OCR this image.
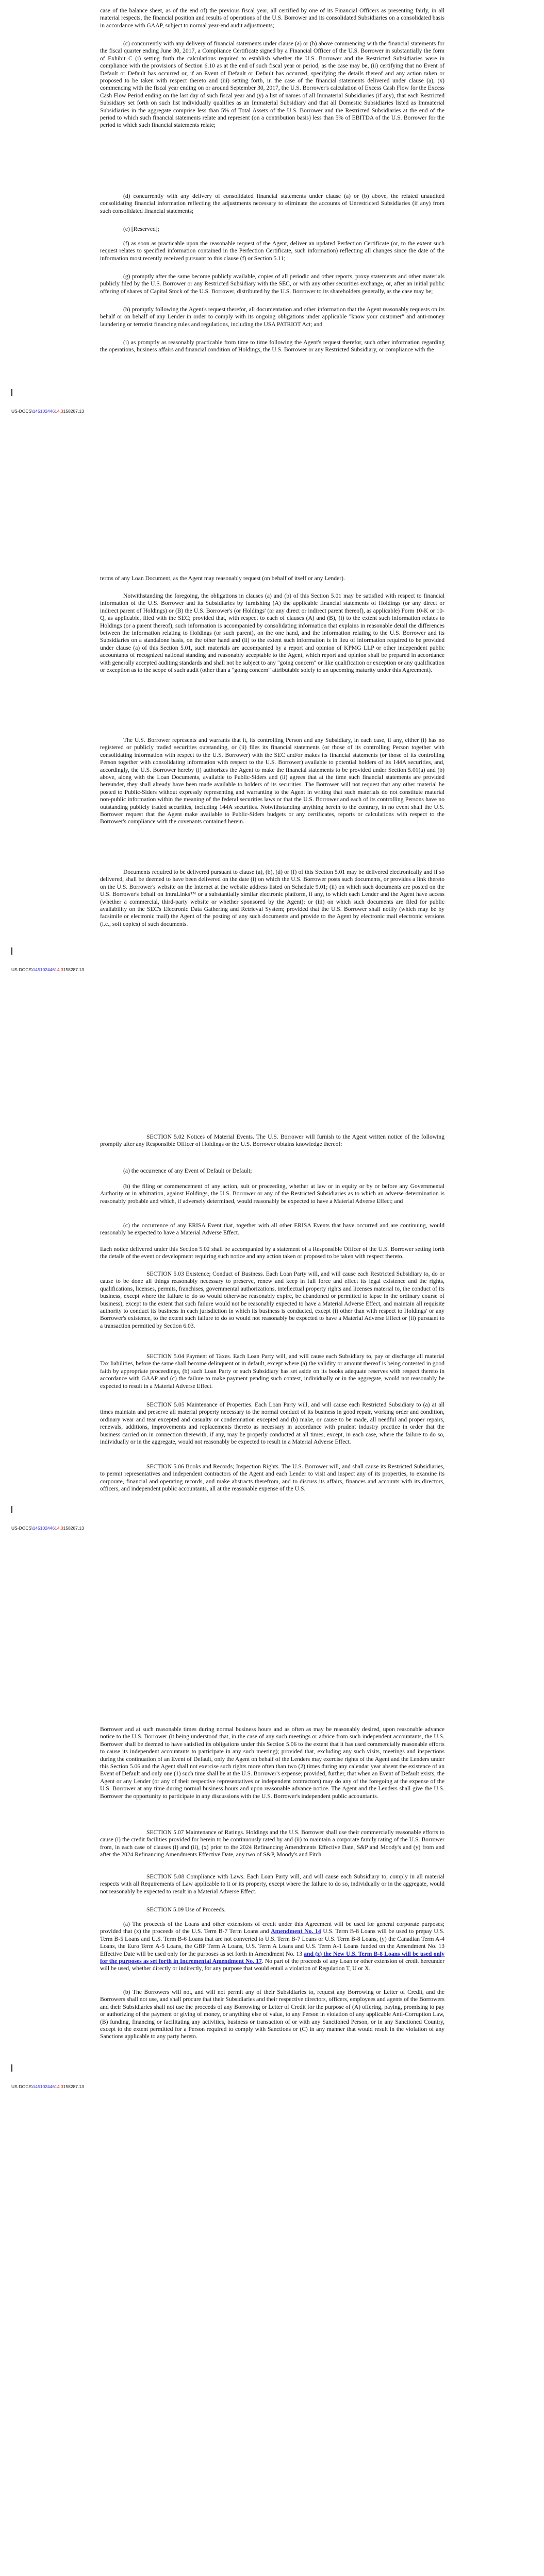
case of the balance sheet, as of the end of) the previous fiscal year, all certified by one of its Financial Officers as presenting fairly, in all material respects, the financial position and results of operations of the U.S. Borrower and its consolidated Subsidiaries on a consolidated basis in accordance with GAAP, subject to normal year-end audit adjustments;

(c) concurrently with any delivery of financial statements under clause (a) or (b) above commencing with the financial statements for the fiscal quarter ending June 30, 2017, a Compliance Certificate signed by a Financial Officer of the U.S. Borrower in substantially the form of Exhibit C (i) setting forth the calculations required to establish whether the U.S. Borrower and the Restricted Subsidiaries were in compliance with the provisions of Section 6.10 as at the end of such fiscal year or period, as the case may be, (ii) certifying that no Event of Default or Default has occurred or, if an Event of Default or Default has occurred, specifying the details thereof and any action taken or proposed to be taken with respect thereto and (iii) setting forth, in the case of the financial statements delivered under clause (a), (x) commencing with the fiscal year ending on or around September 30, 2017, the U.S. Borrower's calculation of Excess Cash Flow for the Excess Cash Flow Period ending on the last day of such fiscal year and (y) a list of names of all Immaterial Subsidiaries (if any), that each Restricted Subsidiary set forth on such list individually qualifies as an Immaterial Subsidiary and that all Domestic Subsidiaries listed as Immaterial Subsidiaries in the aggregate comprise less than 5% of Total Assets of the U.S. Borrower and the Restricted Subsidiaries at the end of the period to which such financial statements relate and represent (on a contribution basis) less than 5% of EBITDA of the U.S. Borrower for the period to which such financial statements relate;

(d) concurrently with any delivery of consolidated financial statements under clause (a) or (b) above, the related unaudited consolidating financial information reflecting the adjustments necessary to eliminate the accounts of Unrestricted Subsidiaries (if any) from such consolidated financial statements;

(e) [Reserved];

(f) as soon as practicable upon the reasonable request of the Agent, deliver an updated Perfection Certificate (or, to the extent such request relates to specified information contained in the Perfection Certificate, such information) reflecting all changes since the date of the information most recently received pursuant to this clause (f) or Section 5.11;

(g) promptly after the same become publicly available, copies of all periodic and other reports, proxy statements and other materials publicly filed by the U.S. Borrower or any Restricted Subsidiary with the SEC, or with any other securities exchange, or, after an initial public offering of shares of Capital Stock of the U.S. Borrower, distributed by the U.S. Borrower to its shareholders generally, as the case may be;

(h) promptly following the Agent's request therefor, all documentation and other information that the Agent reasonably requests on its behalf or on behalf of any Lender in order to comply with its ongoing obligations under applicable "know your customer" and anti-money laundering or terrorist financing rules and regulations, including the USA PATRIOT Act; and

(i) as promptly as reasonably practicable from time to time following the Agent's request therefor, such other information regarding the operations, business affairs and financial condition of Holdings, the U.S. Borrower or any Restricted Subsidiary, or compliance with the

US-DOCS\14510244614.3158287.13

terms of any Loan Document, as the Agent may reasonably request (on behalf of itself or any Lender).

Notwithstanding the foregoing, the obligations in clauses (a) and (b) of this Section 5.01 may be satisfied with respect to financial information of the U.S. Borrower and its Subsidiaries by furnishing (A) the applicable financial statements of Holdings (or any direct or indirect parent of Holdings) or (B) the U.S. Borrower's (or Holdings' (or any direct or indirect parent thereof), as applicable) Form 10-K or 10-Q, as applicable, filed with the SEC; provided that, with respect to each of clauses (A) and (B), (i) to the extent such information relates to Holdings (or a parent thereof), such information is accompanied by consolidating information that explains in reasonable detail the differences between the information relating to Holdings (or such parent), on the one hand, and the information relating to the U.S. Borrower and its Subsidiaries on a standalone basis, on the other hand and (ii) to the extent such information is in lieu of information required to be provided under clause (a) of this Section 5.01, such materials are accompanied by a report and opinion of KPMG LLP or other independent public accountants of recognized national standing and reasonably acceptable to the Agent, which report and opinion shall be prepared in accordance with generally accepted auditing standards and shall not be subject to any "going concern" or like qualification or exception or any qualification or exception as to the scope of such audit (other than a "going concern" attributable solely to an upcoming maturity under this Agreement).

The U.S. Borrower represents and warrants that it, its controlling Person and any Subsidiary, in each case, if any, either (i) has no registered or publicly traded securities outstanding, or (ii) files its financial statements (or those of its controlling Person together with consolidating information with respect to the U.S. Borrower) with the SEC and/or makes its financial statements (or those of its controlling Person together with consolidating information with respect to the U.S. Borrower) available to potential holders of its 144A securities, and, accordingly, the U.S. Borrower hereby (i) authorizes the Agent to make the financial statements to be provided under Section 5.01(a) and (b) above, along with the Loan Documents, available to Public-Siders and (ii) agrees that at the time such financial statements are provided hereunder, they shall already have been made available to holders of its securities. The Borrower will not request that any other material be posted to Public-Siders without expressly representing and warranting to the Agent in writing that such materials do not constitute material non-public information within the meaning of the federal securities laws or that the U.S. Borrower and each of its controlling Persons have no outstanding publicly traded securities, including 144A securities. Notwithstanding anything herein to the contrary, in no event shall the U.S. Borrower request that the Agent make available to Public-Siders budgets or any certificates, reports or calculations with respect to the Borrower's compliance with the covenants contained herein.

Documents required to be delivered pursuant to clause (a), (b), (d) or (f) of this Section 5.01 may be delivered electronically and if so delivered, shall be deemed to have been delivered on the date (i) on which the U.S. Borrower posts such documents, or provides a link thereto on the U.S. Borrower's website on the Internet at the website address listed on Schedule 9.01; (ii) on which such documents are posted on the U.S. Borrower's behalf on IntraLinks™ or a substantially similar electronic platform, if any, to which each Lender and the Agent have access (whether a commercial, third-party website or whether sponsored by the Agent); or (iii) on which such documents are filed for public availability on the SEC's Electronic Data Gathering and Retrieval System; provided that the U.S. Borrower shall notify (which may be by facsimile or electronic mail) the Agent of the posting of any such documents and provide to the Agent by electronic mail electronic versions (i.e., soft copies) of such documents.

US-DOCS\14510244614.3158287.13

SECTION 5.02 Notices of Material Events. The U.S. Borrower will furnish to the Agent written notice of the following promptly after any Responsible Officer of Holdings or the U.S. Borrower obtains knowledge thereof:

(a) the occurrence of any Event of Default or Default;

(b) the filing or commencement of any action, suit or proceeding, whether at law or in equity or by or before any Governmental Authority or in arbitration, against Holdings, the U.S. Borrower or any of the Restricted Subsidiaries as to which an adverse determination is reasonably probable and which, if adversely determined, would reasonably be expected to have a Material Adverse Effect; and

(c) the occurrence of any ERISA Event that, together with all other ERISA Events that have occurred and are continuing, would reasonably be expected to have a Material Adverse Effect.

Each notice delivered under this Section 5.02 shall be accompanied by a statement of a Responsible Officer of the U.S. Borrower setting forth the details of the event or development requiring such notice and any action taken or proposed to be taken with respect thereto.

SECTION 5.03 Existence; Conduct of Business. Each Loan Party will, and will cause each Restricted Subsidiary to, do or cause to be done all things reasonably necessary to preserve, renew and keep in full force and effect its legal existence and the rights, qualifications, licenses, permits, franchises, governmental authorizations, intellectual property rights and licenses material to, the conduct of its business, except where the failure to do so would otherwise reasonably expire, be abandoned or permitted to lapse in the ordinary course of business), except to the extent that such failure would not be reasonably expected to have a Material Adverse Effect, and maintain all requisite authority to conduct its business in each jurisdiction in which its business is conducted, except (i) other than with respect to Holdings' or any Borrower's existence, to the extent such failure to do so would not reasonably be expected to have a Material Adverse Effect or (ii) pursuant to a transaction permitted by Section 6.03.

SECTION 5.04 Payment of Taxes. Each Loan Party will, and will cause each Subsidiary to, pay or discharge all material Tax liabilities, before the same shall become delinquent or in default, except where (a) the validity or amount thereof is being contested in good faith by appropriate proceedings, (b) such Loan Party or such Subsidiary has set aside on its books adequate reserves with respect thereto in accordance with GAAP and (c) the failure to make payment pending such contest, individually or in the aggregate, would not reasonably be expected to result in a Material Adverse Effect.

SECTION 5.05 Maintenance of Properties. Each Loan Party will, and will cause each Restricted Subsidiary to (a) at all times maintain and preserve all material property necessary to the normal conduct of its business in good repair, working order and condition, ordinary wear and tear excepted and casualty or condemnation excepted and (b) make, or cause to be made, all needful and proper repairs, renewals, additions, improvements and replacements thereto as necessary in accordance with prudent industry practice in order that the business carried on in connection therewith, if any, may be properly conducted at all times, except, in each case, where the failure to do so, individually or in the aggregate, would not reasonably be expected to result in a Material Adverse Effect.

SECTION 5.06 Books and Records; Inspection Rights. The U.S. Borrower will, and shall cause its Restricted Subsidiaries, to permit representatives and independent contractors of the Agent and each Lender to visit and inspect any of its properties, to examine its corporate, financial and operating records, and make abstracts therefrom, and to discuss its affairs, finances and accounts with its directors, officers, and independent public accountants, all at the reasonable expense of the U.S.

US-DOCS\14510244614.3158287.13

Borrower and at such reasonable times during normal business hours and as often as may be reasonably desired, upon reasonable advance notice to the U.S. Borrower (it being understood that, in the case of any such meetings or advice from such independent accountants, the U.S. Borrower shall be deemed to have satisfied its obligations under this Section 5.06 to the extent that it has used commercially reasonable efforts to cause its independent accountants to participate in any such meeting); provided that, excluding any such visits, meetings and inspections during the continuation of an Event of Default, only the Agent on behalf of the Lenders may exercise rights of the Agent and the Lenders under this Section 5.06 and the Agent shall not exercise such rights more often than two (2) times during any calendar year absent the existence of an Event of Default and only one (1) such time shall be at the U.S. Borrower's expense; provided, further, that when an Event of Default exists, the Agent or any Lender (or any of their respective representatives or independent contractors) may do any of the foregoing at the expense of the U.S. Borrower at any time during normal business hours and upon reasonable advance notice. The Agent and the Lenders shall give the U.S. Borrower the opportunity to participate in any discussions with the U.S. Borrower's independent public accountants.

SECTION 5.07 Maintenance of Ratings. Holdings and the U.S. Borrower shall use their commercially reasonable efforts to cause (i) the credit facilities provided for herein to be continuously rated by and (ii) to maintain a corporate family rating of the U.S. Borrower from, in each case of clauses (i) and (ii), (x) prior to the 2024 Refinancing Amendments Effective Date, S&P and Moody's and (y) from and after the 2024 Refinancing Amendments Effective Date, any two of S&P, Moody's and Fitch.

SECTION 5.08 Compliance with Laws. Each Loan Party will, and will cause each Subsidiary to, comply in all material respects with all Requirements of Law applicable to it or its property, except where the failure to do so, individually or in the aggregate, would not reasonably be expected to result in a Material Adverse Effect.

SECTION 5.09 Use of Proceeds.

(a) The proceeds of the Loans and other extensions of credit under this Agreement will be used for general corporate purposes; provided that (x) the proceeds of the U.S. Term B-7 Term Loans and Amendment No. 14 U.S. Term B-8 Loans will be used to prepay U.S. Term B-5 Loans and U.S. Term B-6 Loans that are not converted to U.S. Term B-7 Loans or U.S. Term B-8 Loans, (y) the Canadian Term A-4 Loans, the Euro Term A-5 Loans, the GBP Term A Loans, U.S. Term A Loans and U.S. Term A-1 Loans funded on the Amendment No. 13 Effective Date will be used only for the purposes as set forth in Amendment No. 13 and (z) the New U.S. Term B-8 Loans will be used only for the purposes as set forth in Incremental Amendment No. 17. No part of the proceeds of any Loan or other extension of credit hereunder will be used, whether directly or indirectly, for any purpose that would entail a violation of Regulation T, U or X.

(b) The Borrowers will not, and will not permit any of their Subsidiaries to, request any Borrowing or Letter of Credit, and the Borrowers shall not use, and shall procure that their Subsidiaries and their respective directors, officers, employees and agents of the Borrowers and their Subsidiaries shall not use the proceeds of any Borrowing or Letter of Credit for the purpose of (A) offering, paying, promising to pay or authorizing of the payment or giving of money, or anything else of value, to any Person in violation of any applicable Anti-Corruption Law, (B) funding, financing or facilitating any activities, business or transaction of or with any Sanctioned Person, or in any Sanctioned Country, except to the extent permitted for a Person required to comply with Sanctions or (C) in any manner that would result in the violation of any Sanctions applicable to any party hereto.

US-DOCS\14510244614.3158287.13
